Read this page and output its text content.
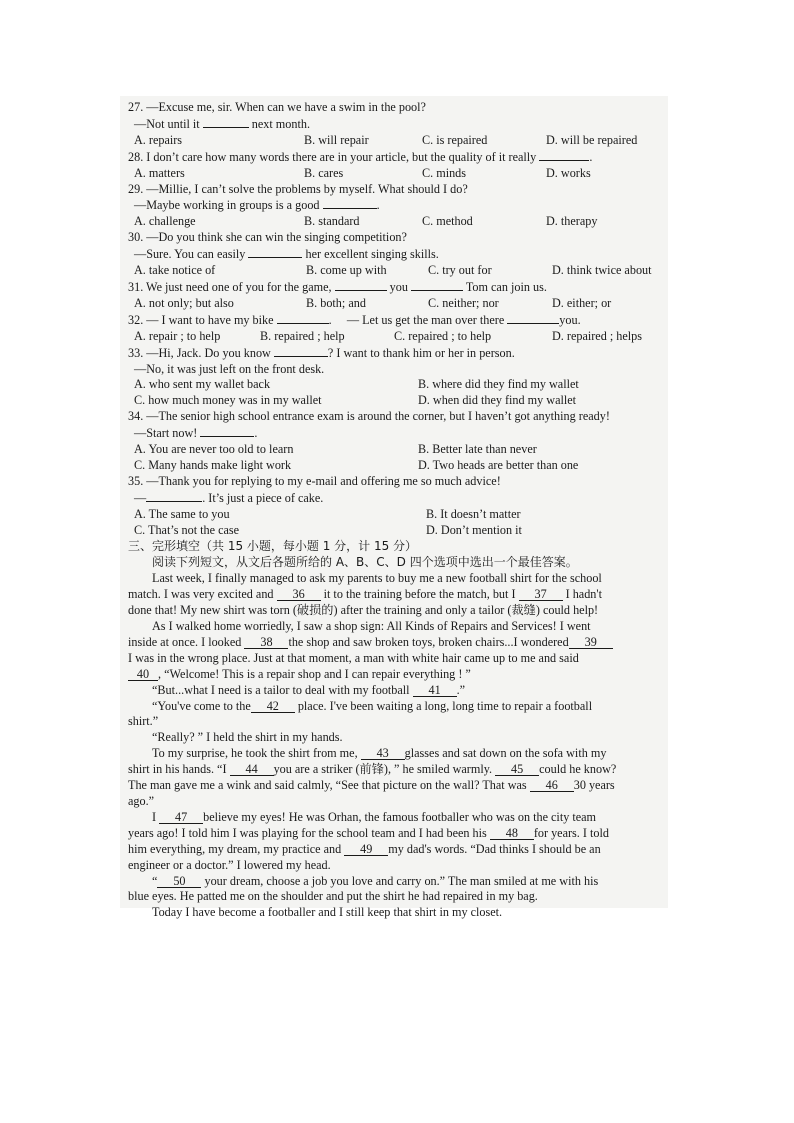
27. —Excuse me, sir. When can we have a swim in the pool?
—Not until it	next month.
A. repairs	B. will repair	C. is repaired	D. will be repaired
28. I don’t care how many words there are in your article, but the quality of it really	.
A. matters	B. cares	C. minds	D. works
29. —Millie, I can’t solve the problems by myself. What should I do?
—Maybe working in groups is a good	.
A. challenge	B. standard	C. method	D. therapy
30. —Do you think she can win the singing competition?
—Sure. You can easily	her excellent singing skills.
A. take notice of	B. come up with	C. try out for	D. think twice about
31. We just need one of you for the game,	you	Tom can join us.
A. not only; but also	B. both; and	C. neither; nor	D. either; or
32. — I want to have my bike	. — Let us get the man over there	you.
A. repair ; to help	B. repaired ; help	C. repaired ; to help	D. repaired ; helps
33. —Hi, Jack. Do you know	? I want to thank him or her in person.
—No, it was just left on the front desk.
A. who sent my wallet back	B. where did they find my wallet
C. how much money was in my wallet	D. when did they find my wallet
34. —The senior high school entrance exam is around the corner, but I haven’t got anything ready!
—Start now!	.
A. You are never too old to learn	B. Better late than never
C. Many hands make light work	D. Two heads are better than one
35. —Thank you for replying to my e-mail and offering me so much advice!
—	. It’s just a piece of cake.
A. The same to you	B. It doesn’t matter
C. That’s not the case	D. Don’t mention it
三、完形填空（共 15 小题，每小题 1 分，计 15 分）
阅读下列短文，从文后各题所给的 A、B、C、D 四个选项中选出一个最佳答案。
Last week, I finally managed to ask my parents to buy me a new football shirt for the school
match. I was very excited and 36 it to the training before the match, but I 37 I hadn't
done that! My new shirt was torn (破损的) after the training and only a tailor (裁缝) could help!
As I walked home worriedly, I saw a shop sign: All Kinds of Repairs and Services! I went
inside at once. I looked 38 the shop and saw broken toys, broken chairs...I wondered 39
I was in the wrong place. Just at that moment, a man with white hair came up to me and said
40 , “Welcome! This is a repair shop and I can repair everything ! ”
“But...what I need is a tailor to deal with my football 41 .”
“You've come to the 42 place. I've been waiting a long, long time to repair a football
shirt.”
“Really? ” I held the shirt in my hands.
To my surprise, he took the shirt from me, 43 glasses and sat down on the sofa with my
shirt in his hands. “I 44 you are a striker (前锋), ” he smiled warmly. 45 could he know?
The man gave me a wink and said calmly, “See that picture on the wall? That was 46 30 years
ago.”
I 47 believe my eyes! He was Orhan, the famous footballer who was on the city team
years ago! I told him I was playing for the school team and I had been his 48 for years. I told
him everything, my dream, my practice and 49 my dad's words. “Dad thinks I should be an
engineer or a doctor.” I lowered my head.
“ 50 your dream, choose a job you love and carry on.” The man smiled at me with his
blue eyes. He patted me on the shoulder and put the shirt he had repaired in my bag.
Today I have become a footballer and I still keep that shirt in my closet.
